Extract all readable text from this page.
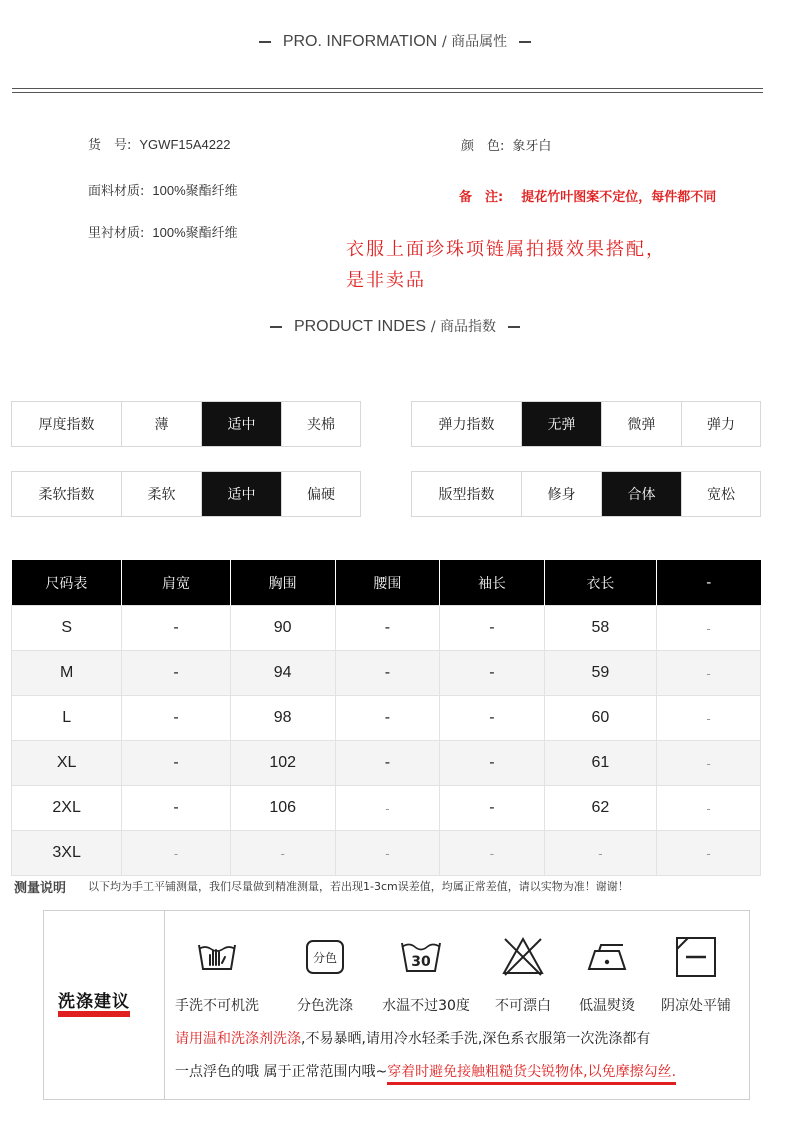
PRO. INFORMATION / 商品属性
货　号: YGWF15A4222
面料材质: 100%聚酯纤维
里衬材质: 100%聚酯纤维
颜　色: 象牙白
备　注: 提花竹叶图案不定位，每件都不同
衣服上面珍珠项链属拍摄效果搭配，
是非卖品
PRODUCT INDES / 商品指数
厚度指数	薄	适中	夹棉	弹力指数	无弹	微弹	弹力
柔软指数	柔软	适中	偏硬	版型指数	修身	合体	宽松
尺码表	肩宽	胸围	腰围	袖长	衣长	-
S	-	90	-	-	58	-
M	-	94	-	-	59	-
L	-	98	-	-	60	-
XL	-	102	-	-	61	-
2XL	-	106	-	-	62	-
3XL	-	-	-	-	-	-
测量说明 以下均为手工平铺测量，我们尽量做到精准测量，若出现1-3cm误差值，均属正常差值，请以实物为准！谢谢！
洗涤建议	手洗不可机洗
分色
分色洗涤
30
水温不过30度	不可漂白	低温熨烫	阴凉处平铺
请用温和洗涤剂洗涤,不易暴晒,请用冷水轻柔手洗,深色系衣服第一次洗涤都有
一点浮色的哦 属于正常范围内哦~穿着时避免接触粗糙货尖锐物体,以免摩擦勾丝.
